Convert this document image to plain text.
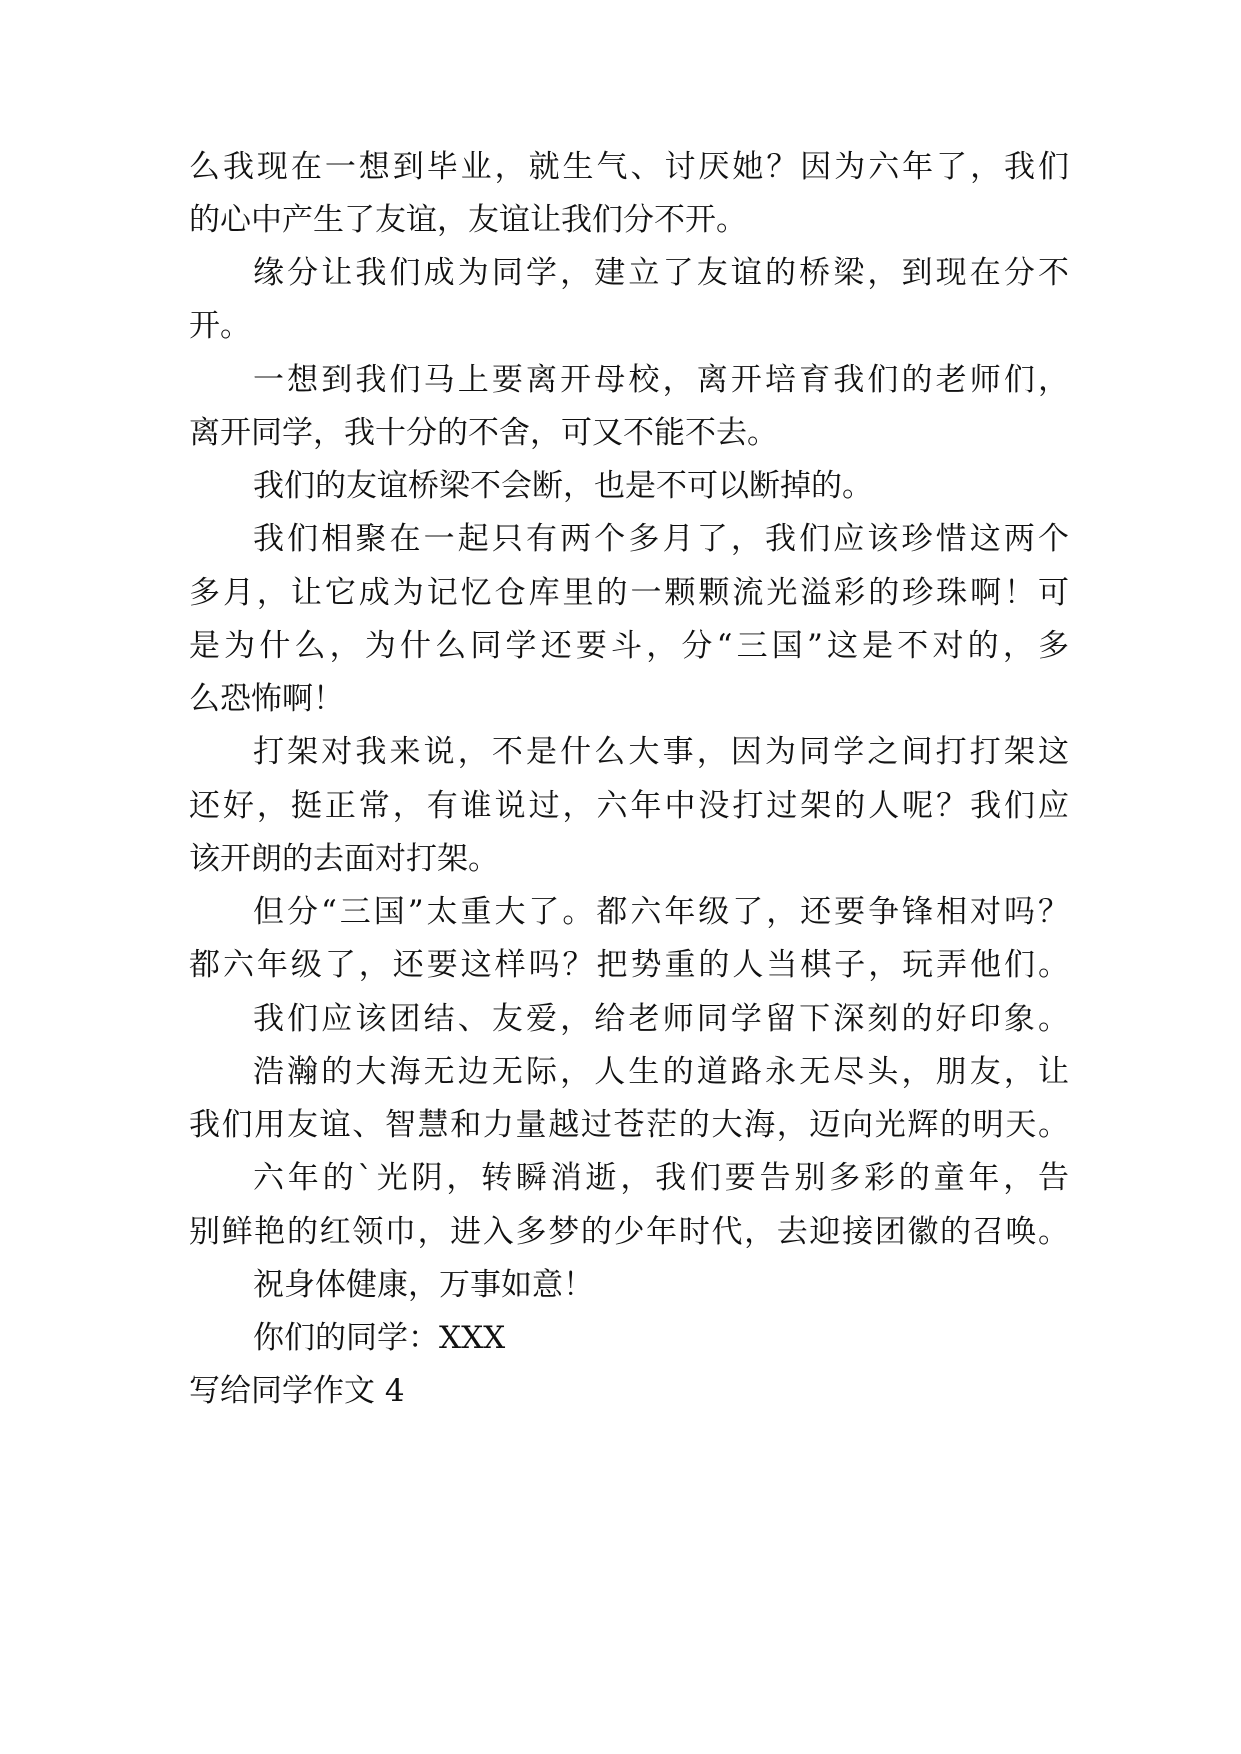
么我现在一想到毕业，就生气、讨厌她？因为六年了，我们
的心中产生了友谊，友谊让我们分不开。
缘分让我们成为同学，建立了友谊的桥梁，到现在分不
开。
一想到我们马上要离开母校，离开培育我们的老师们，
离开同学，我十分的不舍，可又不能不去。
我们的友谊桥梁不会断，也是不可以断掉的。
我们相聚在一起只有两个多月了，我们应该珍惜这两个
多月，让它成为记忆仓库里的一颗颗流光溢彩的珍珠啊！可
是为什么，为什么同学还要斗，分“三国”这是不对的，多
么恐怖啊！
打架对我来说，不是什么大事，因为同学之间打打架这
还好，挺正常，有谁说过，六年中没打过架的人呢？我们应
该开朗的去面对打架。
但分“三国”太重大了。都六年级了，还要争锋相对吗？
都六年级了，还要这样吗？把势重的人当棋子，玩弄他们。
我们应该团结、友爱，给老师同学留下深刻的好印象。
浩瀚的大海无边无际，人生的道路永无尽头，朋友，让
我们用友谊、智慧和力量越过苍茫的大海，迈向光辉的明天。
六年的`光阴，转瞬消逝，我们要告别多彩的童年，告
别鲜艳的红领巾，进入多梦的少年时代，去迎接团徽的召唤。
祝身体健康，万事如意！
你们的同学：XXX
写给同学作文 4
